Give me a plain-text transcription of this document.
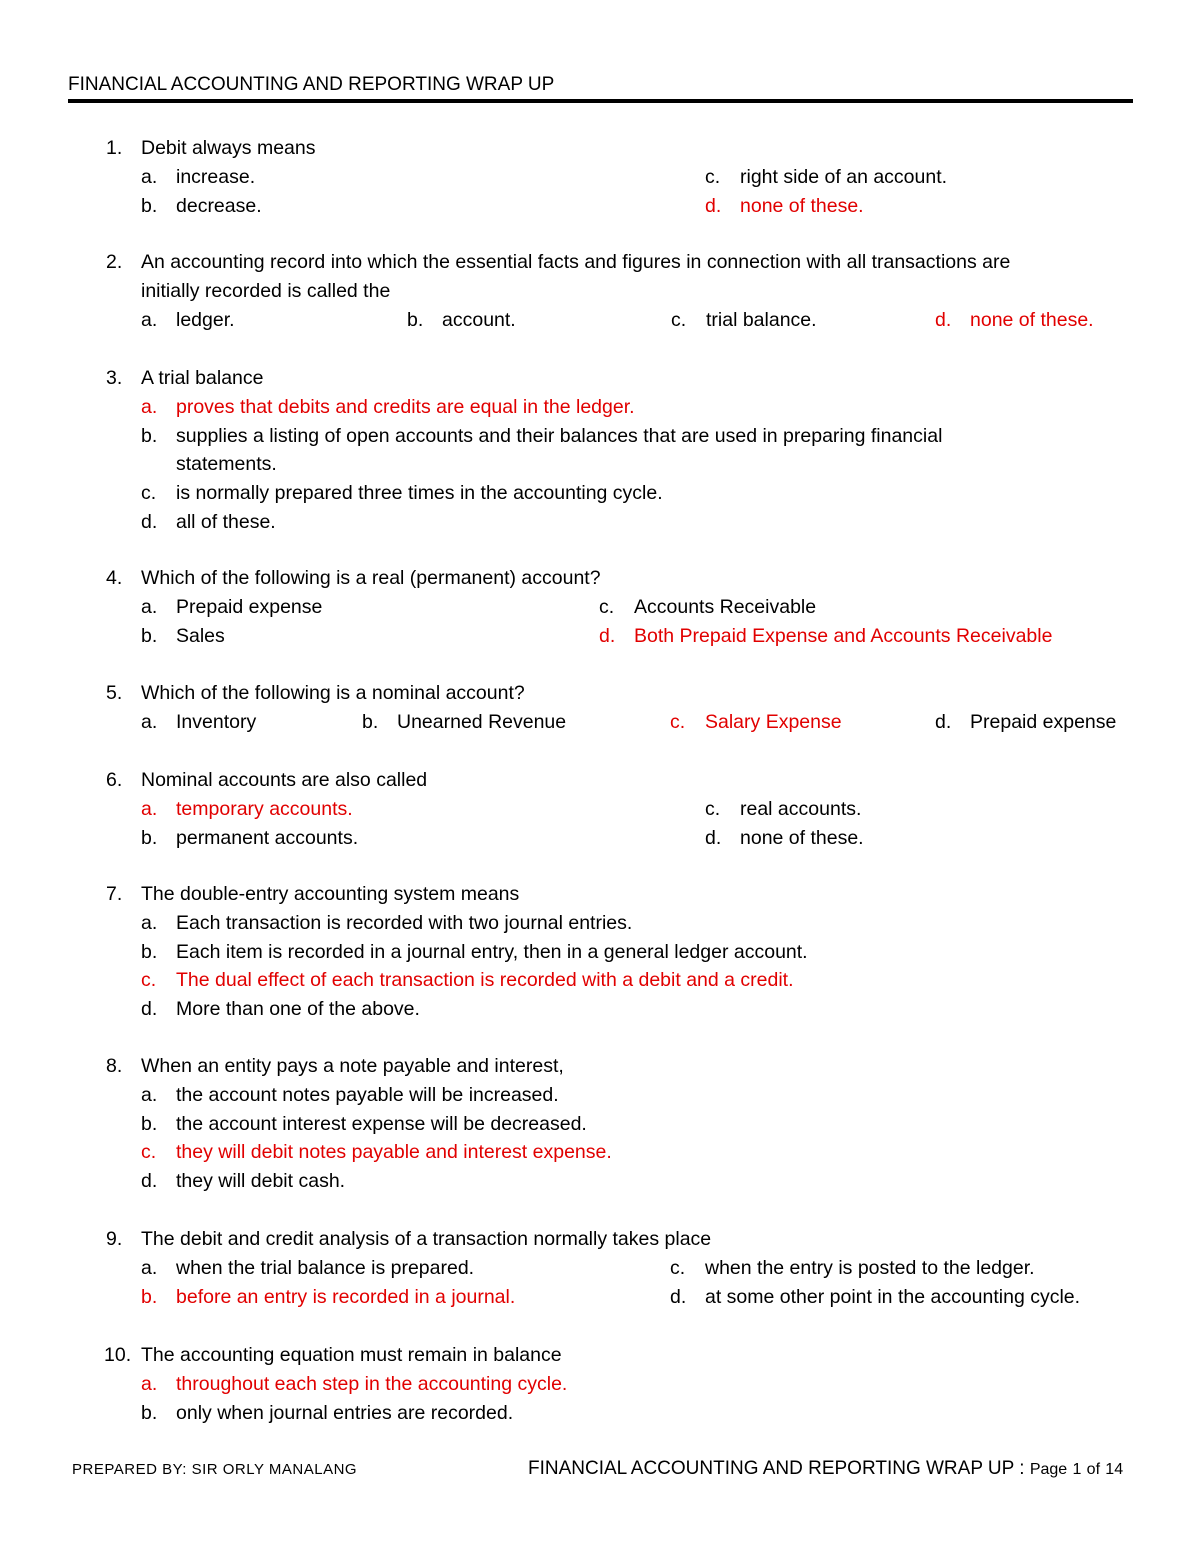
FINANCIAL ACCOUNTING AND REPORTING WRAP UP
1. Debit always means
a. increase.
b. decrease.
c. right side of an account.
d. none of these.
2. An accounting record into which the essential facts and figures in connection with all transactions are
initially recorded is called the
a. ledger.	b. account.	c. trial balance.	d. none of these.
3. A trial balance
a. proves that debits and credits are equal in the ledger.
b. supplies a listing of open accounts and their balances that are used in preparing financial
statements.
c. is normally prepared three times in the accounting cycle.
d. all of these.
4. Which of the following is a real (permanent) account?
a. Prepaid expense
b. Sales
c. Accounts Receivable
d. Both Prepaid Expense and Accounts Receivable
5. Which of the following is a nominal account?
a. Inventory	b. Unearned Revenue	c. Salary Expense	d. Prepaid expense
6. Nominal accounts are also called
a. temporary accounts.
b. permanent accounts.
c. real accounts.
d. none of these.
7. The double-entry accounting system means
a. Each transaction is recorded with two journal entries.
b. Each item is recorded in a journal entry, then in a general ledger account.
c. The dual effect of each transaction is recorded with a debit and a credit.
d. More than one of the above.
8. When an entity pays a note payable and interest,
a. the account notes payable will be increased.
b. the account interest expense will be decreased.
c. they will debit notes payable and interest expense.
d. they will debit cash.
9. The debit and credit analysis of a transaction normally takes place
a. when the trial balance is prepared.
b. before an entry is recorded in a journal.
c. when the entry is posted to the ledger.
d. at some other point in the accounting cycle.
10. The accounting equation must remain in balance
a. throughout each step in the accounting cycle.
b. only when journal entries are recorded.
PREPARED BY: SIR ORLY MANALANG	FINANCIAL ACCOUNTING AND REPORTING WRAP UP : Page 1 of 14
